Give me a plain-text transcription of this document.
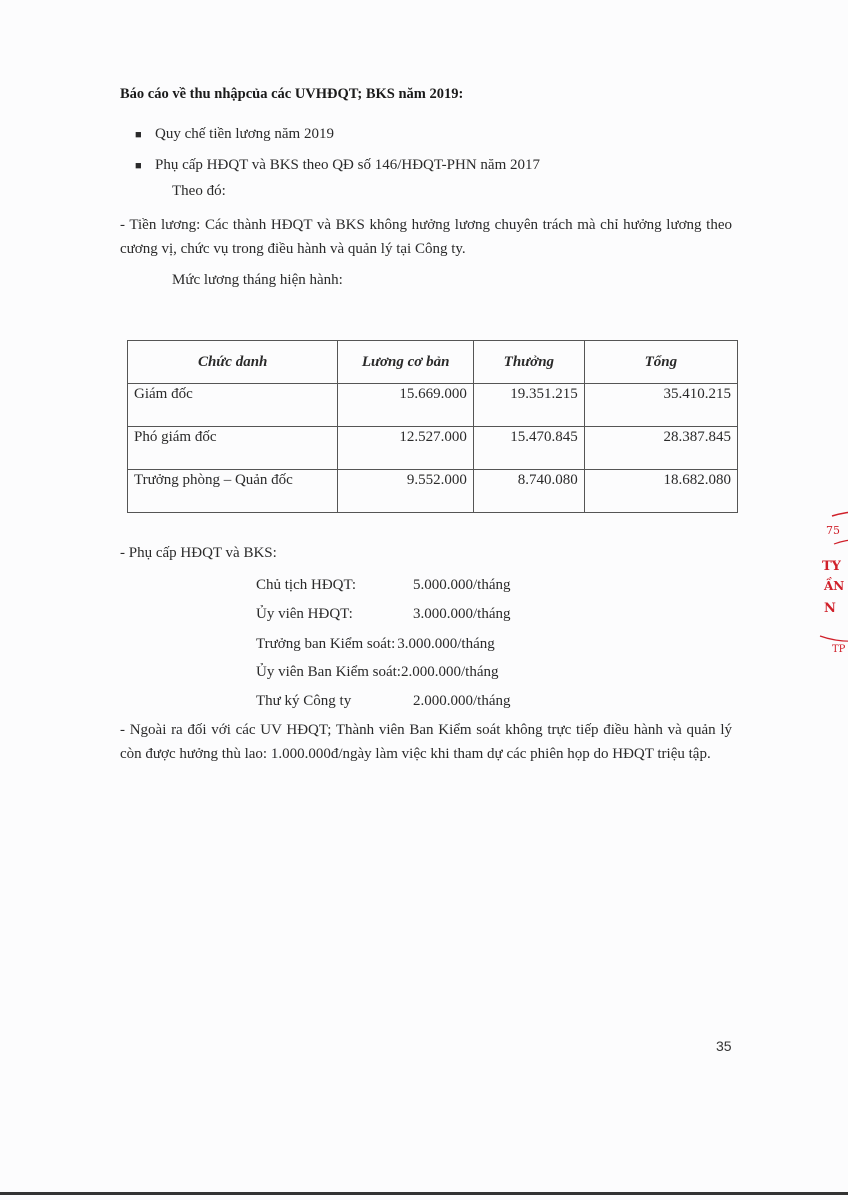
Báo cáo về thu nhậpcủa các UVHĐQT; BKS năm 2019:
■ Quy chế tiền lương năm 2019
■ Phụ cấp HĐQT và BKS theo QĐ số 146/HĐQT-PHN năm 2017
Theo đó:
- Tiền lương: Các thành HĐQT và BKS không hưởng lương chuyên trách mà chỉ hưởng lương theo cương vị, chức vụ trong điều hành và quản lý tại Công ty.
Mức lương tháng hiện hành:
Chức danh	Lương cơ bản	Thưởng	Tổng
Giám đốc	15.669.000	19.351.215	35.410.215
Phó giám đốc	12.527.000	15.470.845	28.387.845
Trưởng phòng – Quản đốc	9.552.000	8.740.080	18.682.080
- Phụ cấp HĐQT và BKS:
Chủ tịch HĐQT:	5.000.000/tháng
Ủy viên HĐQT:	3.000.000/tháng
Trưởng ban Kiểm soát: 3.000.000/tháng
Ủy viên Ban Kiểm soát:2.000.000/tháng
Thư ký Công ty	2.000.000/tháng
- Ngoài ra đối với các UV HĐQT; Thành viên Ban Kiểm soát không trực tiếp điều hành và quản lý còn được hưởng thù lao: 1.000.000đ/ngày làm việc khi tham dự các phiên họp do HĐQT triệu tập.
75
TY
ẦN
N
TP
35
